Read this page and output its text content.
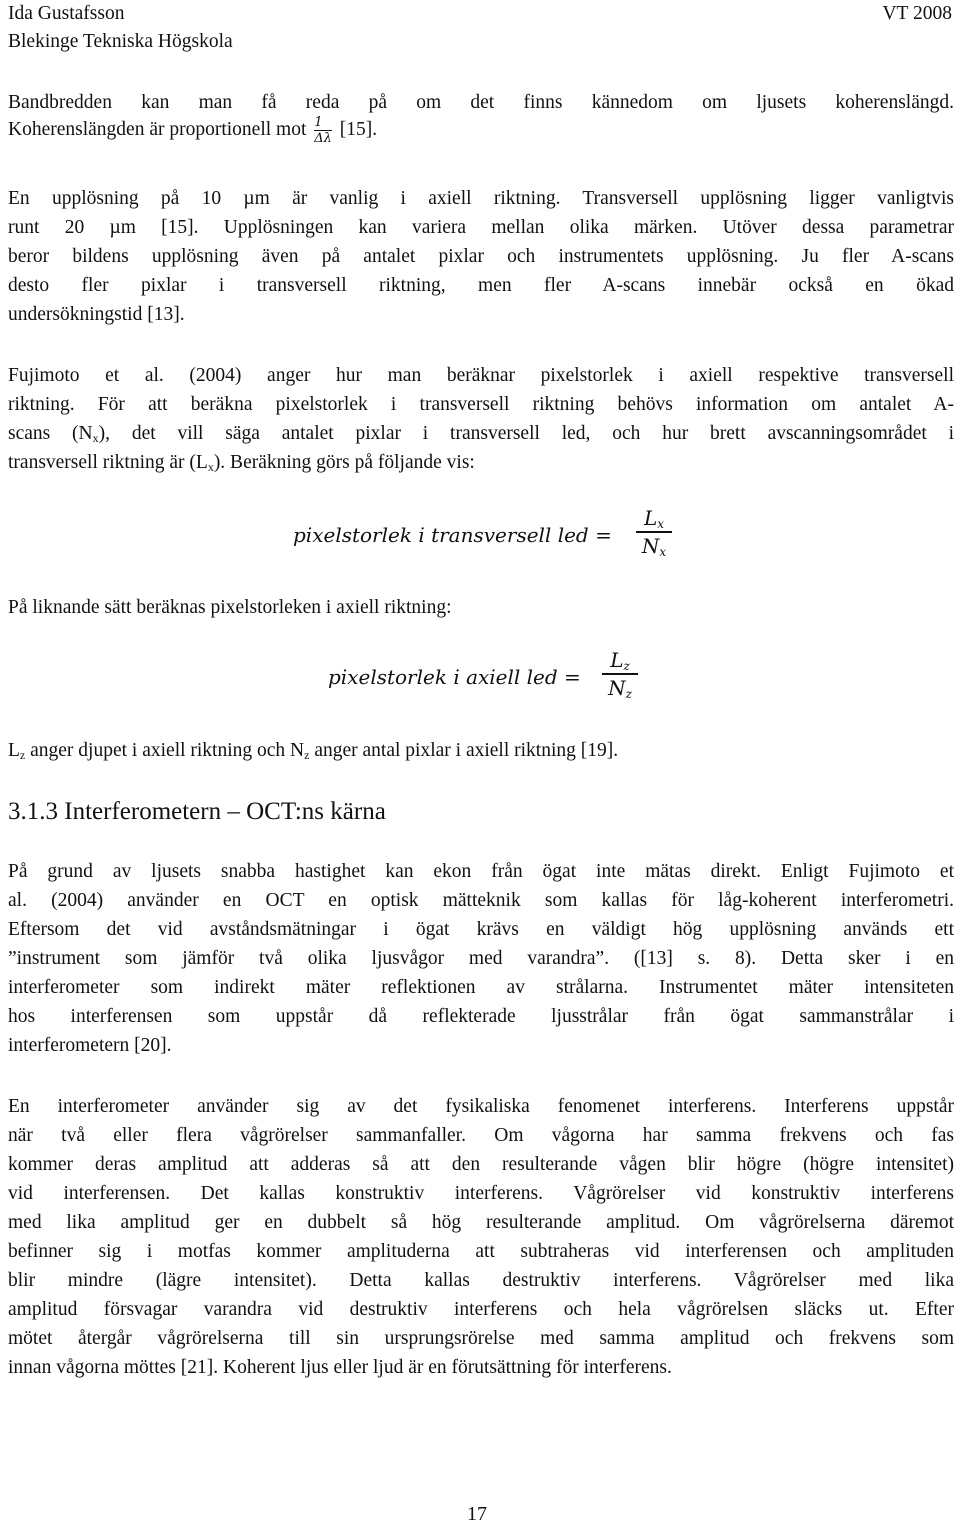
Ida Gustafsson
Blekinge Tekniska Högskola
VT 2008
Bandbredden kan man få reda på om det finns kännedom om ljusets koherenslängd.
Koherenslängden är proportionell mot $\frac{1}{\Delta\lambda} [15]$.
En upplösning på 10 µm är vanlig i axiell riktning. Transversell upplösning ligger vanligtvis
runt 20 µm [15]. Upplösningen kan variera mellan olika märken. Utöver dessa parametrar
beror bildens upplösning även på antalet pixlar och instrumentets upplösning. Ju fler A-scans
desto fler pixlar i transversell riktning, men fler A-scans innebär också en ökad
undersökningstid [13].
Fujimoto et al. (2004) anger hur man beräknar pixelstorlek i axiell respektive transversell
riktning. För att beräkna pixelstorlek i transversell riktning behövs information om antalet A-
scans $(N_x)$, det vill säga antalet pixlar i transversell led, och hur brett avscanningsområdet i
transversell riktning är $(L_x)$. Beräkning görs på följande vis:
pixelstorlek i transversell led =
$L_x$
$N_x$
På liknande sätt beräknas pixelstorleken i axiell riktning:
pixelstorlek i axiell led =
$L_z$
$N_z$
$L_z$ anger djupet i axiell riktning och $N_z$ anger antal pixlar i axiell riktning [19].
3.1.3 Interferometern – OCT:ns kärna
På grund av ljusets snabba hastighet kan ekon från ögat inte mätas direkt. Enligt Fujimoto et
al. (2004) använder en OCT en optisk mätteknik som kallas för låg-koherent interferometri.
Eftersom det vid avståndsmätningar i ögat krävs en väldigt hög upplösning används ett
”instrument som jämför två olika ljusvågor med varandra”. ([13] s. 8). Detta sker i en
interferometer som indirekt mäter reflektionen av strålarna. Instrumentet mäter intensiteten
hos interferensen som uppstår då reflekterade ljusstrålar från ögat sammanstrålar i
interferometern [20].
En interferometer använder sig av det fysikaliska fenomenet interferens. Interferens uppstår
när två eller flera vågrörelser sammanfaller. Om vågorna har samma frekvens och fas
kommer deras amplitud att adderas så att den resulterande vågen blir högre (högre intensitet)
vid interferensen. Det kallas konstruktiv interferens. Vågrörelser vid konstruktiv interferens
med lika amplitud ger en dubbelt så hög resulterande amplitud. Om vågrörelserna däremot
befinner sig i motfas kommer amplituderna att subtraheras vid interferensen och amplituden
blir mindre (lägre intensitet). Detta kallas destruktiv interferens. Vågrörelser med lika
amplitud försvagar varandra vid destruktiv interferens och hela vågrörelsen släcks ut. Efter
mötet återgår vågrörelserna till sin ursprungsrörelse med samma amplitud och frekvens som
innan vågorna möttes [21]. Koherent ljus eller ljud är en förutsättning för interferens.
17
